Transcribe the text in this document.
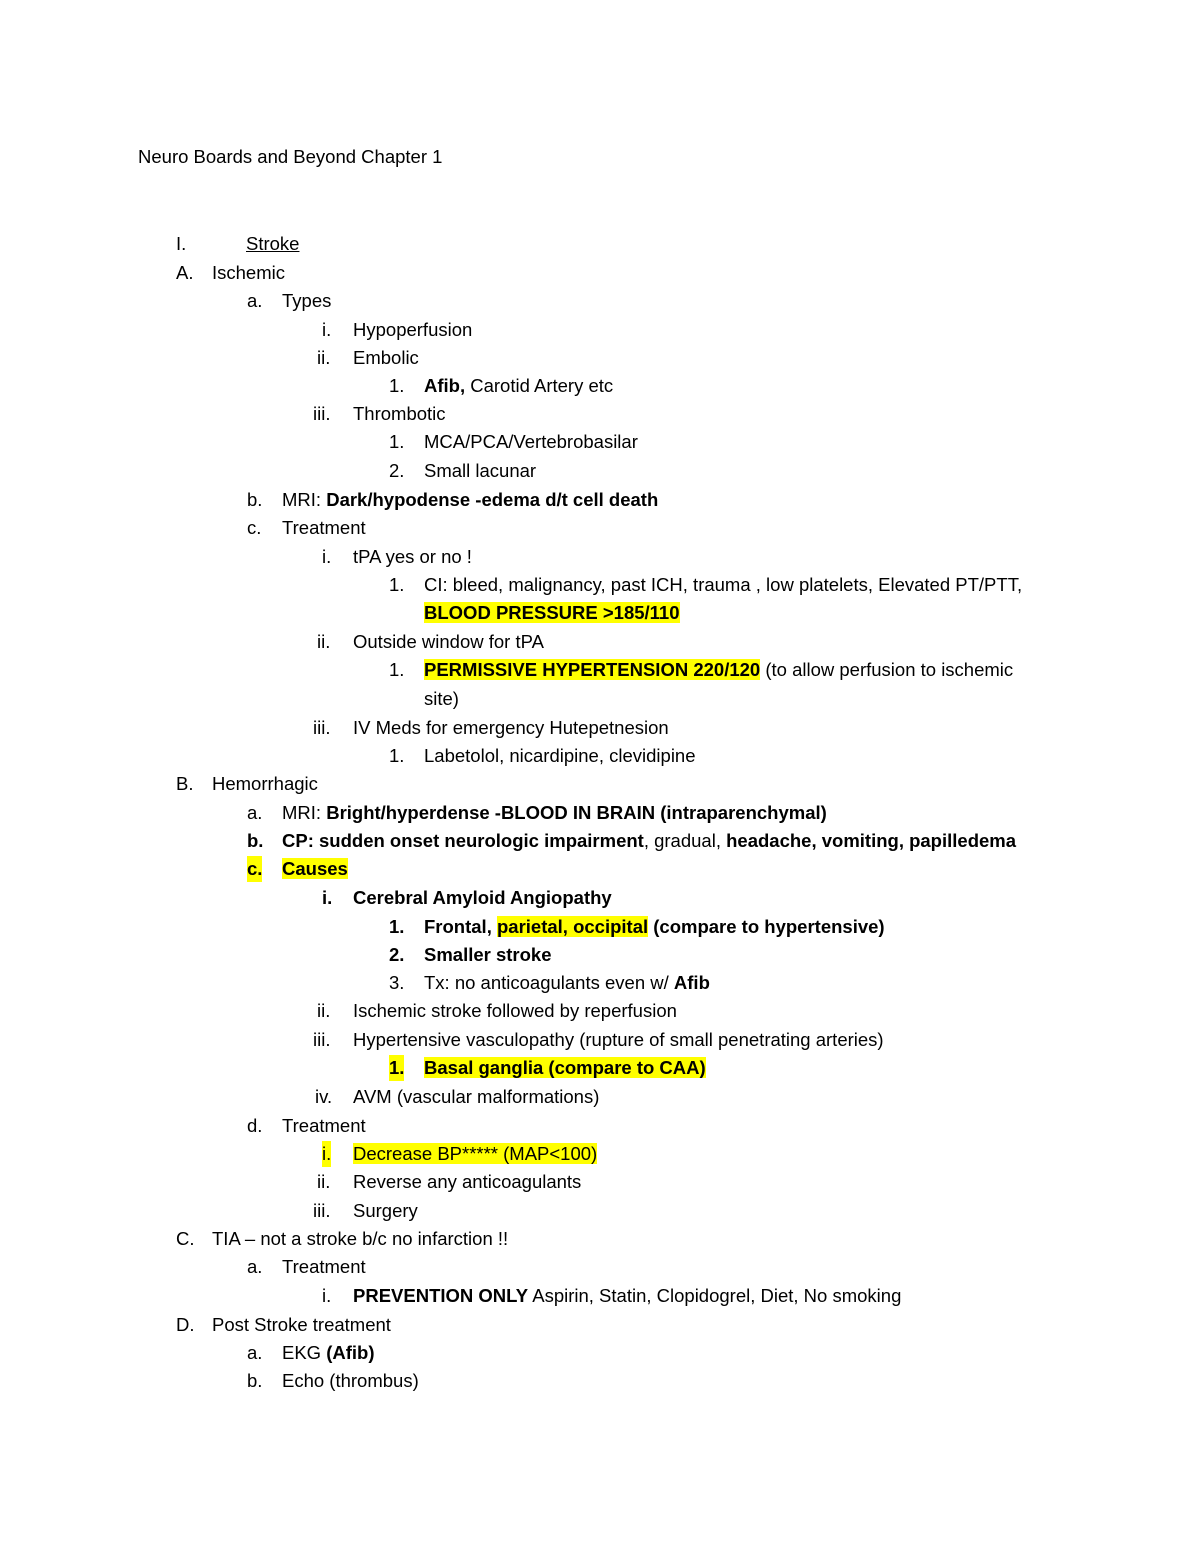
Neuro Boards and Beyond Chapter 1
I.	Stroke
A. Ischemic
a. Types
i. Hypoperfusion
ii. Embolic
1. Afib, Carotid Artery etc
iii. Thrombotic
1. MCA/PCA/Vertebrobasilar
2. Small lacunar
b. MRI: Dark/hypodense -edema d/t cell death
c. Treatment
i. tPA yes or no !
1. CI: bleed, malignancy, past ICH, trauma , low platelets, Elevated PT/PTT,
BLOOD PRESSURE >185/110
ii. Outside window for tPA
1. PERMISSIVE HYPERTENSION 220/120 (to allow perfusion to ischemic
site)
iii. IV Meds for emergency Hutepetnesion
1. Labetolol, nicardipine, clevidipine
B. Hemorrhagic
a. MRI: Bright/hyperdense -BLOOD IN BRAIN (intraparenchymal)
b. CP: sudden onset neurologic impairment, gradual, headache, vomiting, papilledema
c. Causes
i. Cerebral Amyloid Angiopathy
1. Frontal, parietal, occipital (compare to hypertensive)
2. Smaller stroke
3. Tx: no anticoagulants even w/ Afib
ii. Ischemic stroke followed by reperfusion
iii. Hypertensive vasculopathy (rupture of small penetrating arteries)
1. Basal ganglia (compare to CAA)
iv. AVM (vascular malformations)
d. Treatment
i. Decrease BP***** (MAP<100)
ii. Reverse any anticoagulants
iii. Surgery
C. TIA – not a stroke b/c no infarction !!
a. Treatment
i. PREVENTION ONLY Aspirin, Statin, Clopidogrel, Diet, No smoking
D. Post Stroke treatment
a. EKG (Afib)
b. Echo (thrombus)
